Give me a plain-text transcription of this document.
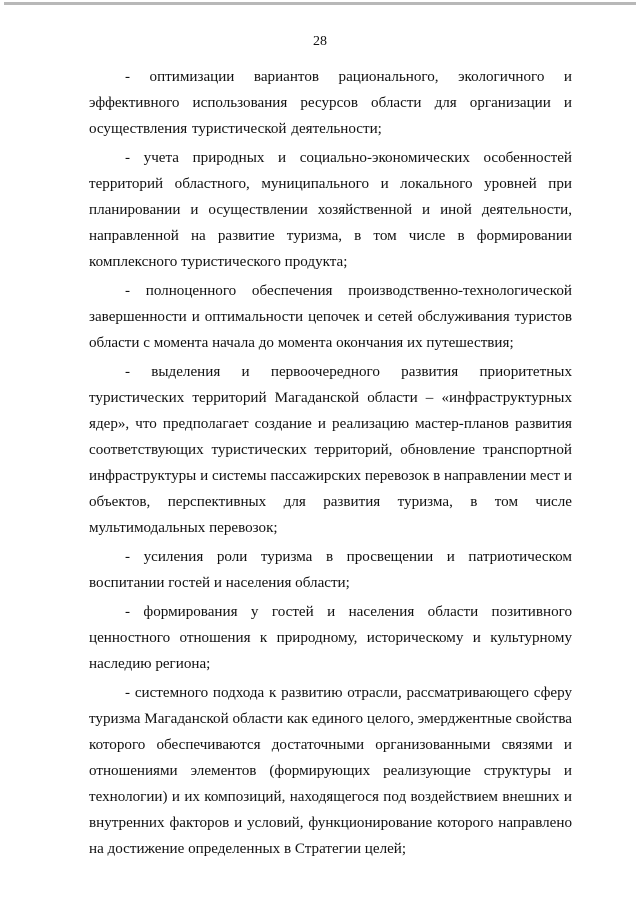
28

- оптимизации вариантов рационального, экологичного и эффективного использования ресурсов области для организации и осуществления туристической деятельности;

- учета природных и социально-экономических особенностей территорий областного, муниципального и локального уровней при планировании и осуществлении хозяйственной и иной деятельности, направленной на развитие туризма, в том числе в формировании комплексного туристического продукта;

- полноценного обеспечения производственно-технологической завершенности и оптимальности цепочек и сетей обслуживания туристов области с момента начала до момента окончания их путешествия;

- выделения и первоочередного развития приоритетных туристических территорий Магаданской области – «инфраструктурных ядер», что предполагает создание и реализацию мастер-планов развития соответствующих туристических территорий, обновление транспортной инфраструктуры и системы пассажирских перевозок в направлении мест и объектов, перспективных для развития туризма, в том числе мультимодальных перевозок;

- усиления роли туризма в просвещении и патриотическом воспитании гостей и населения области;

- формирования у гостей и населения области позитивного ценностного отношения к природному, историческому и культурному наследию региона;

- системного подхода к развитию отрасли, рассматривающего сферу туризма Магаданской области как единого целого, эмерджентные свойства которого обеспечиваются достаточными организованными связями и отношениями элементов (формирующих реализующие структуры и технологии) и их композиций, находящегося под воздействием внешних и внутренних факторов и условий, функционирование которого направлено на достижение определенных в Стратегии целей;
